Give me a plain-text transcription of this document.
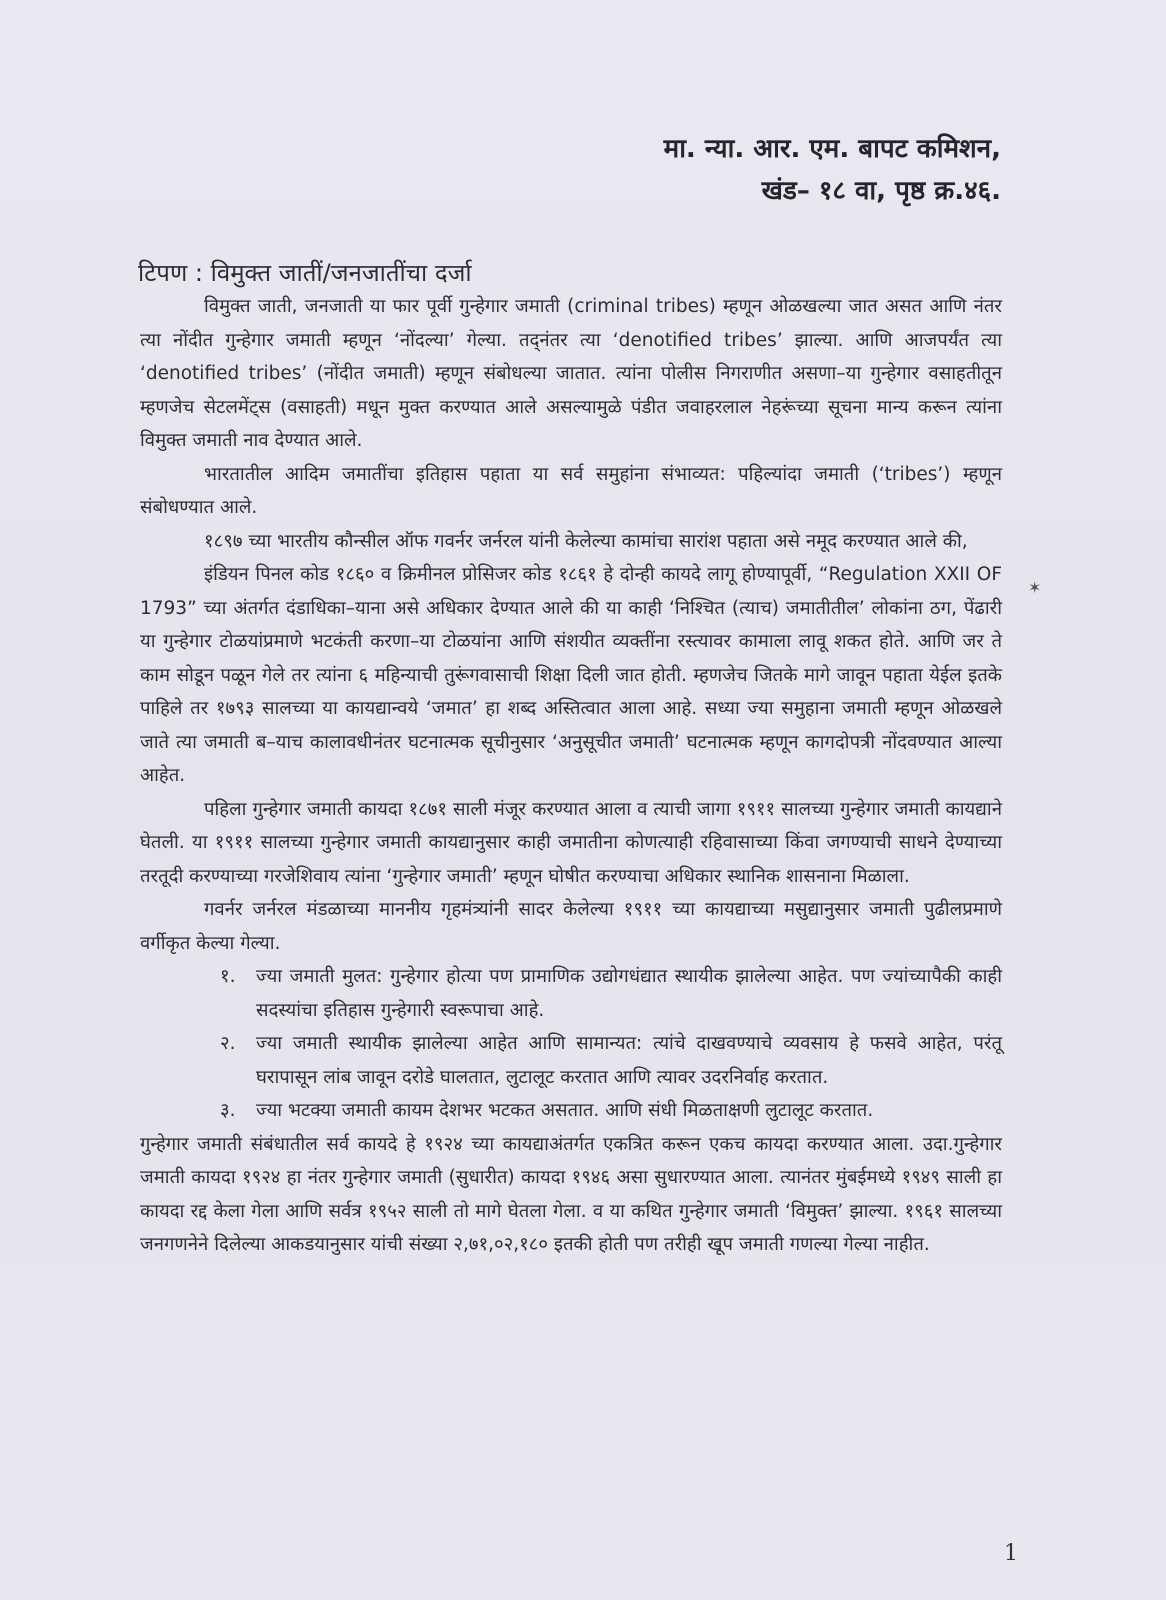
मा. न्या. आर. एम. बापट कमिशन,
खंड– १८ वा, पृष्ठ क्र.४६.
टिपण : विमुक्त जातीं/जनजातींचा दर्जा

विमुक्त जाती, जनजाती या फार पूर्वी गुन्हेगार जमाती (criminal tribes) म्हणून ओळखल्या जात असत आणि नंतर त्या नोंदीत गुन्हेगार जमाती म्हणून ‘नोंदल्या’ गेल्या. तद्‌नंतर त्या ‘denotified tribes’ झाल्या. आणि आजपर्यंत त्या ‘denotified tribes’ (नोंदीत जमाती) म्हणून संबोधल्या जातात. त्यांना पोलीस निगराणीत असणा–या गुन्हेगार वसाहतीतून म्हणजेच सेटलमेंट्स (वसाहती) मधून मुक्त करण्यात आले असल्यामुळे पंडीत जवाहरलाल नेहरूंच्या सूचना मान्य करून त्यांना विमुक्त जमाती नाव देण्यात आले.

भारतातील आदिम जमातींचा इतिहास पहाता या सर्व समुहांना संभाव्यत: पहिल्यांदा जमाती (‘tribes’) म्हणून संबोधण्यात आले.

१८९७ च्या भारतीय कौन्सील ऑफ गवर्नर जर्नरल यांनी केलेल्या कामांचा सारांश पहाता असे नमूद करण्यात आले की,

इंडियन पिनल कोड १८६० व क्रिमीनल प्रोसिजर कोड १८६१ हे दोन्ही कायदे लागू होण्यापूर्वी, “Regulation XXII OF 1793” च्या अंतर्गत दंडाधिका–याना असे अधिकार देण्यात आले की या काही ‘निश्चित (त्याच) जमातीतील’ लोकांना ठग, पेंढारी या गुन्हेगार टोळयांप्रमाणे भटकंती करणा–या टोळयांना आणि संशयीत व्यक्तींना रस्त्यावर कामाला लावू शकत होते. आणि जर ते काम सोडून पळून गेले तर त्यांना ६ महिन्याची तुरूंगवासाची शिक्षा दिली जात होती. म्हणजेच जितके मागे जावून पहाता येईल इतके पाहिले तर १७९३ सालच्या या कायद्यान्वये ‘जमात’ हा शब्द अस्तित्वात आला आहे. सध्या ज्या समुहाना जमाती म्हणून ओळखले जाते त्या जमाती ब–याच कालावधीनंतर घटनात्मक सूचीनुसार ‘अनुसूचीत जमाती’ घटनात्मक म्हणून कागदोपत्री नोंदवण्यात आल्या आहेत.

पहिला गुन्हेगार जमाती कायदा १८७१ साली मंजूर करण्यात आला व त्याची जागा १९११ सालच्या गुन्हेगार जमाती कायद्याने घेतली. या १९११ सालच्या गुन्हेगार जमाती कायद्यानुसार काही जमातीना कोणत्याही रहिवासाच्या किंवा जगण्याची साधने देण्याच्या तरतूदी करण्याच्या गरजेशिवाय त्यांना ‘गुन्हेगार जमाती’ म्हणून घोषीत करण्याचा अधिकार स्थानिक शासनाना मिळाला.

गवर्नर जर्नरल मंडळाच्या माननीय गृहमंत्र्यांनी सादर केलेल्या १९११ च्या कायद्याच्या मसुद्यानुसार जमाती पुढीलप्रमाणे वर्गीकृत केल्या गेल्या.

१. ज्या जमाती मुलत: गुन्हेगार होत्या पण प्रामाणिक उद्योगधंद्यात स्थायीक झालेल्या आहेत. पण ज्यांच्यापैकी काही सदस्यांचा इतिहास गुन्हेगारी स्वरूपाचा आहे.
२. ज्या जमाती स्थायीक झालेल्या आहेत आणि सामान्यत: त्यांचे दाखवण्याचे व्यवसाय हे फसवे आहेत, परंतू घरापासून लांब जावून दरोडे घालतात, लुटालूट करतात आणि त्यावर उदरनिर्वाह करतात.
३. ज्या भटक्या जमाती कायम देशभर भटकत असतात. आणि संधी मिळताक्षणी लुटालूट करतात.

गुन्हेगार जमाती संबंधातील सर्व कायदे हे १९२४ च्या कायद्याअंतर्गत एकत्रित करून एकच कायदा करण्यात आला. उदा.गुन्हेगार जमाती कायदा १९२४ हा नंतर गुन्हेगार जमाती (सुधारीत) कायदा १९४६ असा सुधारण्यात आला. त्यानंतर मुंबईमध्ये १९४९ साली हा कायदा रद्द केला गेला आणि सर्वत्र १९५२ साली तो मागे घेतला गेला. व या कथित गुन्हेगार जमाती ‘विमुक्त’ झाल्या. १९६१ सालच्या जनगणनेने दिलेल्या आकडयानुसार यांची संख्या २,७१,०२,१८० इतकी होती पण तरीही खूप जमाती गणल्या गेल्या नाहीत.

1
✶
